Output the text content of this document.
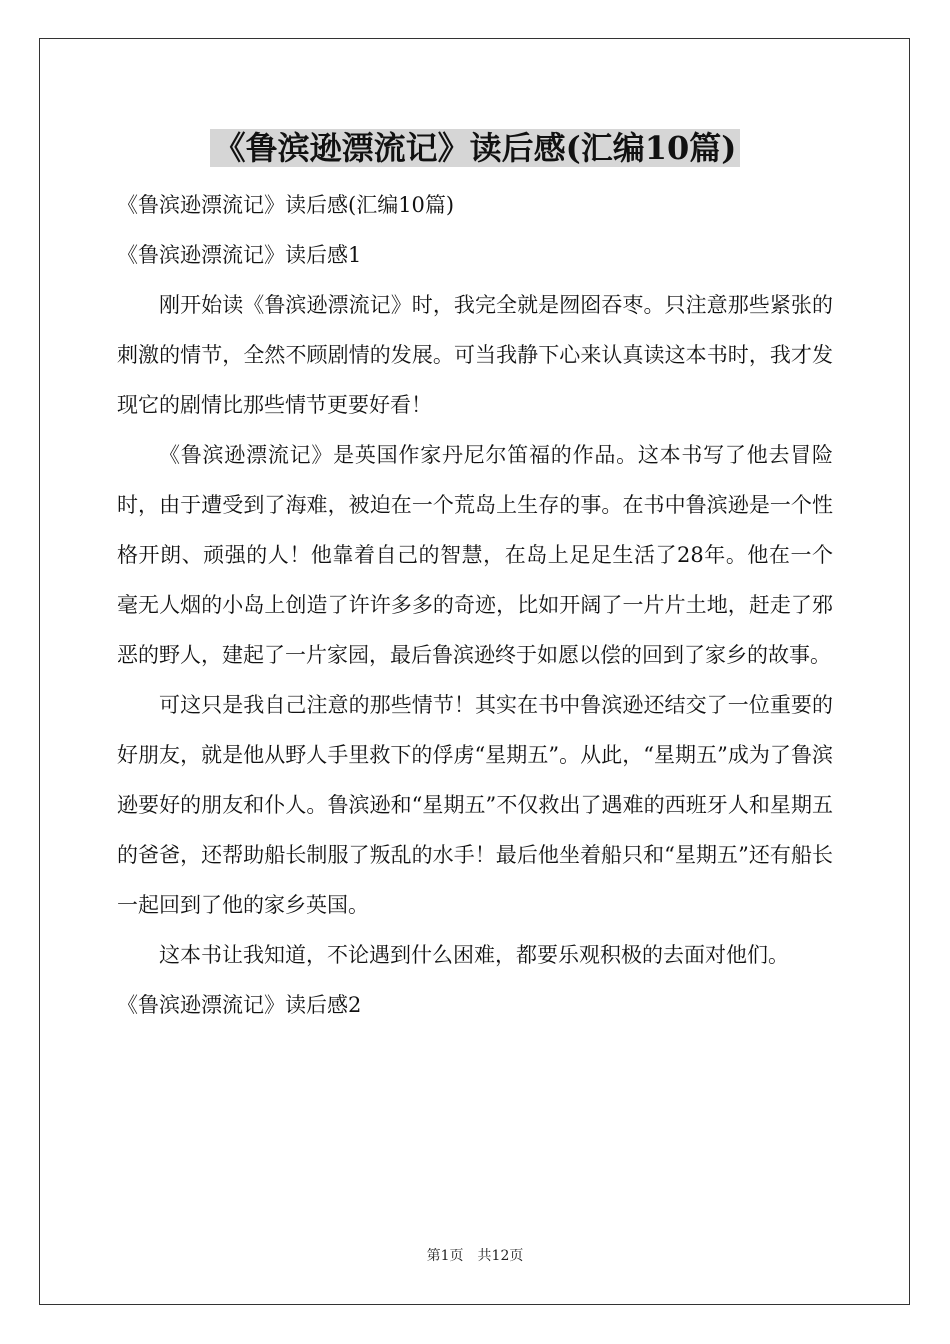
《鲁滨逊漂流记》读后感(汇编10篇)

《鲁滨逊漂流记》读后感(汇编10篇)

《鲁滨逊漂流记》读后感1

刚开始读《鲁滨逊漂流记》时，我完全就是囫囵吞枣。只注意那些紧张的刺激的情节，全然不顾剧情的发展。可当我静下心来认真读这本书时，我才发现它的剧情比那些情节更要好看！

《鲁滨逊漂流记》是英国作家丹尼尔笛福的作品。这本书写了他去冒险时，由于遭受到了海难，被迫在一个荒岛上生存的事。在书中鲁滨逊是一个性格开朗、顽强的人！他靠着自己的智慧，在岛上足足生活了28年。他在一个毫无人烟的小岛上创造了许许多多的奇迹，比如开阔了一片片土地，赶走了邪恶的野人，建起了一片家园，最后鲁滨逊终于如愿以偿的回到了家乡的故事。

可这只是我自己注意的那些情节！其实在书中鲁滨逊还结交了一位重要的好朋友，就是他从野人手里救下的俘虏“星期五”。从此，“星期五”成为了鲁滨逊要好的朋友和仆人。鲁滨逊和“星期五”不仅救出了遇难的西班牙人和星期五的爸爸，还帮助船长制服了叛乱的水手！最后他坐着船只和“星期五”还有船长一起回到了他的家乡英国。

这本书让我知道，不论遇到什么困难，都要乐观积极的去面对他们。

《鲁滨逊漂流记》读后感2

第1页 共12页
